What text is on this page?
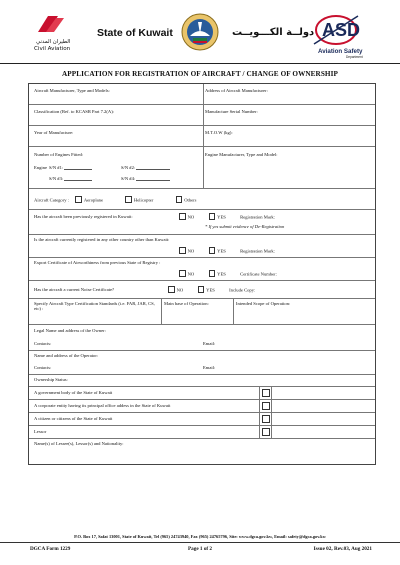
الطيران المدني
Civil Aviation
State of Kuwait	دولــة الكـــويــت ASD
Aviation Safety
Department
APPLICATION FOR REGISTRATION OF AIRCRAFT / CHANGE OF OWNERSHIP
Aircraft Manufacturer, Type and Models:	Address of Aircraft Manufacturer:
Classification (Ref. to KCASR Part 7.2(A):	Manufacture Serial Number:
Year of Manufacture:	M.T.O.W (kg):
Number of Engines Fitted:	Engine Manufacturer, Type and Model:
Engine S/N #1:	S/N #2:
S/N #3:	S/N #4:
Aircraft Category :	Aeroplane	Helicopter	Others
Has the aircraft been previously registered in Kuwait:	NO	YES	Registration Mark:
* If yes submit evidence of De-Registration
Is the aircraft currently registered in any other country other than Kuwait:
NO	YES	Registration Mark:
Export Certificate of Airworthiness from previous State of Registry :
NO	YES	Certificate Number:
Has the aircraft a current Noise Certificate?	NO	YES	Include Copy:
Specify Aircraft Type Certification Standards (i.e. FAR, JAR, CS, etc) :
Main base of Operation:	Intended Scope of Operation:
Legal Name and address of the Owner:
Contacts:	Email:
Name and address of the Operator:
Contacts:	Email:
Ownership Status:
A government body of the State of Kuwait
A corporate entity having its principal office addess in the State of Kuwait
A citizen or citizens of the State of Kuwait
Lessor
Name(s) of Lessee(s), Lessor(s) and Nationality:
P.O. Box 17, Safat 13001, State of Kuwait, Tel (965) 24743940, Fax (965) 24765796, Site: www.dgca.gov.kw, Email: safety@dgca.gov.kw
DGCA Form 1229	Page 1 of 2	Issue 02, Rev.03, Aug 2021
